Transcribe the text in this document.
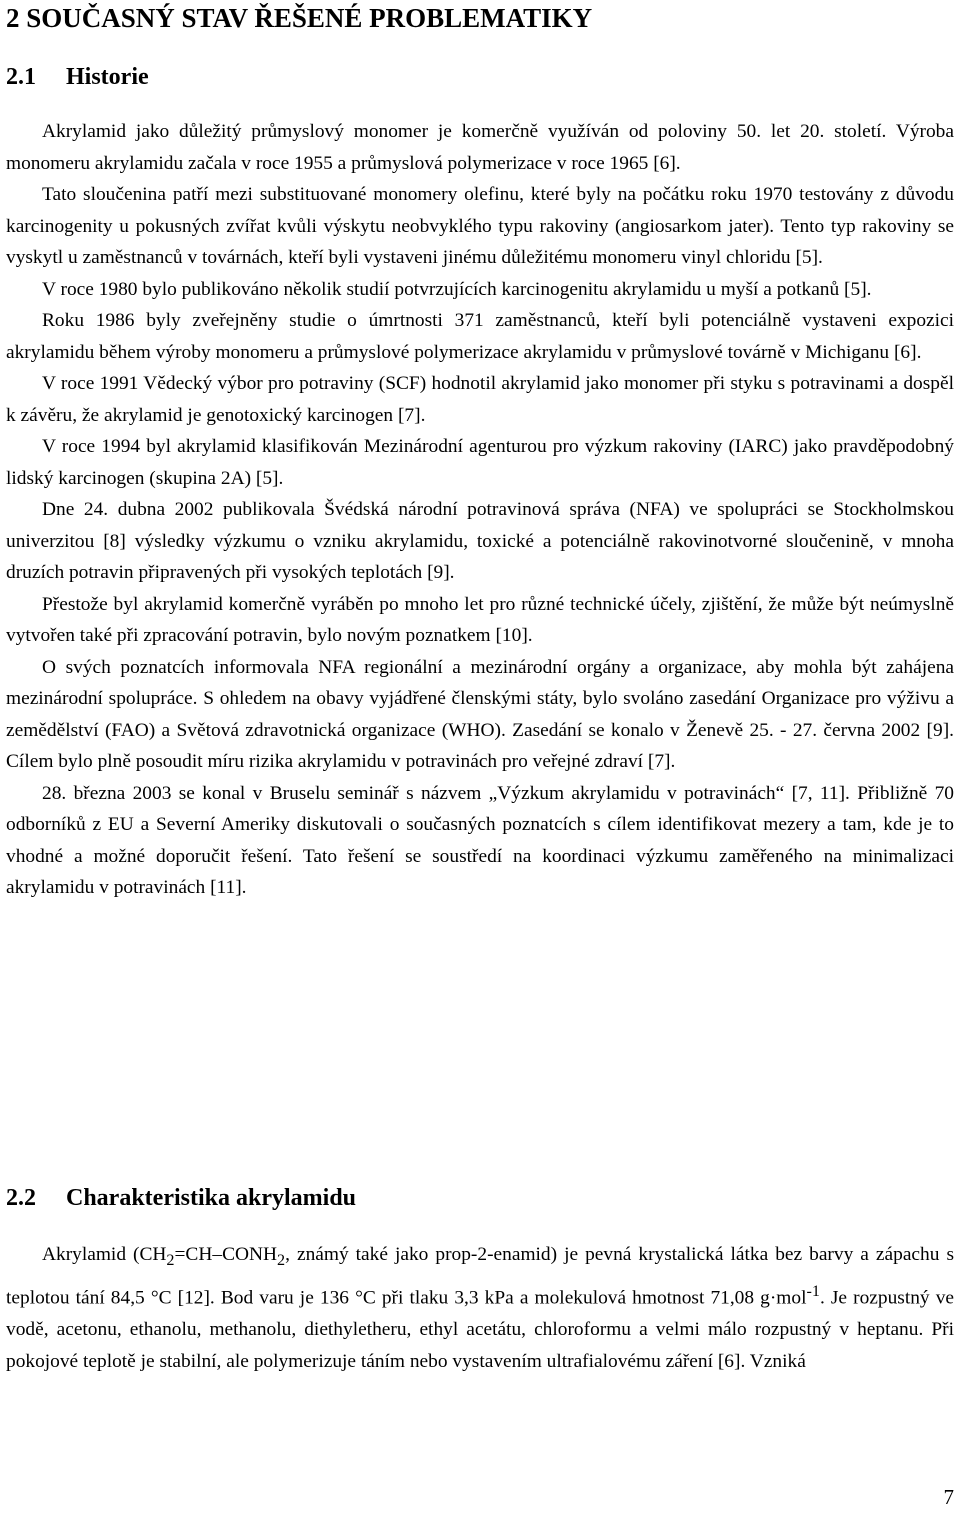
2 SOUČASNÝ STAV ŘEŠENÉ PROBLEMATIKY
2.1 Historie
Akrylamid jako důležitý průmyslový monomer je komerčně využíván od poloviny 50. let 20. století. Výroba monomeru akrylamidu začala v roce 1955 a průmyslová polymerizace v roce 1965 [6].
Tato sloučenina patří mezi substituované monomery olefinu, které byly na počátku roku 1970 testovány z důvodu karcinogenity u pokusných zvířat kvůli výskytu neobvyklého typu rakoviny (angiosarkom jater). Tento typ rakoviny se vyskytl u zaměstnanců v továrnách, kteří byli vystaveni jinému důležitému monomeru vinyl chloridu [5].
V roce 1980 bylo publikováno několik studií potvrzujících karcinogenitu akrylamidu u myší a potkanů [5].
Roku 1986 byly zveřejněny studie o úmrtnosti 371 zaměstnanců, kteří byli potenciálně vystaveni expozici akrylamidu během výroby monomeru a průmyslové polymerizace akrylamidu v průmyslové továrně v Michiganu [6].
V roce 1991 Vědecký výbor pro potraviny (SCF) hodnotil akrylamid jako monomer při styku s potravinami a dospěl k závěru, že akrylamid je genotoxický karcinogen [7].
V roce 1994 byl akrylamid klasifikován Mezinárodní agenturou pro výzkum rakoviny (IARC) jako pravděpodobný lidský karcinogen (skupina 2A) [5].
Dne 24. dubna 2002 publikovala Švédská národní potravinová správa (NFA) ve spolupráci se Stockholmskou univerzitou [8] výsledky výzkumu o vzniku akrylamidu, toxické a potenciálně rakovinotvorné sloučenině, v mnoha druzích potravin připravených při vysokých teplotách [9].
Přestože byl akrylamid komerčně vyráběn po mnoho let pro různé technické účely, zjištění, že může být neúmyslně vytvořen také při zpracování potravin, bylo novým poznatkem [10].
O svých poznatcích informovala NFA regionální a mezinárodní orgány a organizace, aby mohla být zahájena mezinárodní spolupráce. S ohledem na obavy vyjádřené členskými státy, bylo svoláno zasedání Organizace pro výživu a zemědělství (FAO) a Světová zdravotnická organizace (WHO). Zasedání se konalo v Ženevě 25. - 27. června 2002 [9]. Cílem bylo plně posoudit míru rizika akrylamidu v potravinách pro veřejné zdraví [7].
28. března 2003 se konal v Bruselu seminář s názvem „Výzkum akrylamidu v potravinách“ [7, 11]. Přibližně 70 odborníků z EU a Severní Ameriky diskutovali o současných poznatcích s cílem identifikovat mezery a tam, kde je to vhodné a možné doporučit řešení. Tato řešení se soustředí na koordinaci výzkumu zaměřeného na minimalizaci akrylamidu v potravinách [11].
2.2 Charakteristika akrylamidu
Akrylamid ($CH_2=CH-CONH_2$, známý také jako prop-2-enamid) je pevná krystalická látka bez barvy a zápachu s teplotou tání 84,5 °C [12]. Bod varu je 136 °C při tlaku 3,3 kPa a molekulová hmotnost 71,08 g·mol$^{-1}$. Je rozpustný ve vodě, acetonu, ethanolu, methanolu, diethyletheru, ethyl acetátu, chloroformu a velmi málo rozpustný v heptanu. Při pokojové teplotě je stabilní, ale polymerizuje táním nebo vystavením ultrafialovému záření [6]. Vzniká
7
